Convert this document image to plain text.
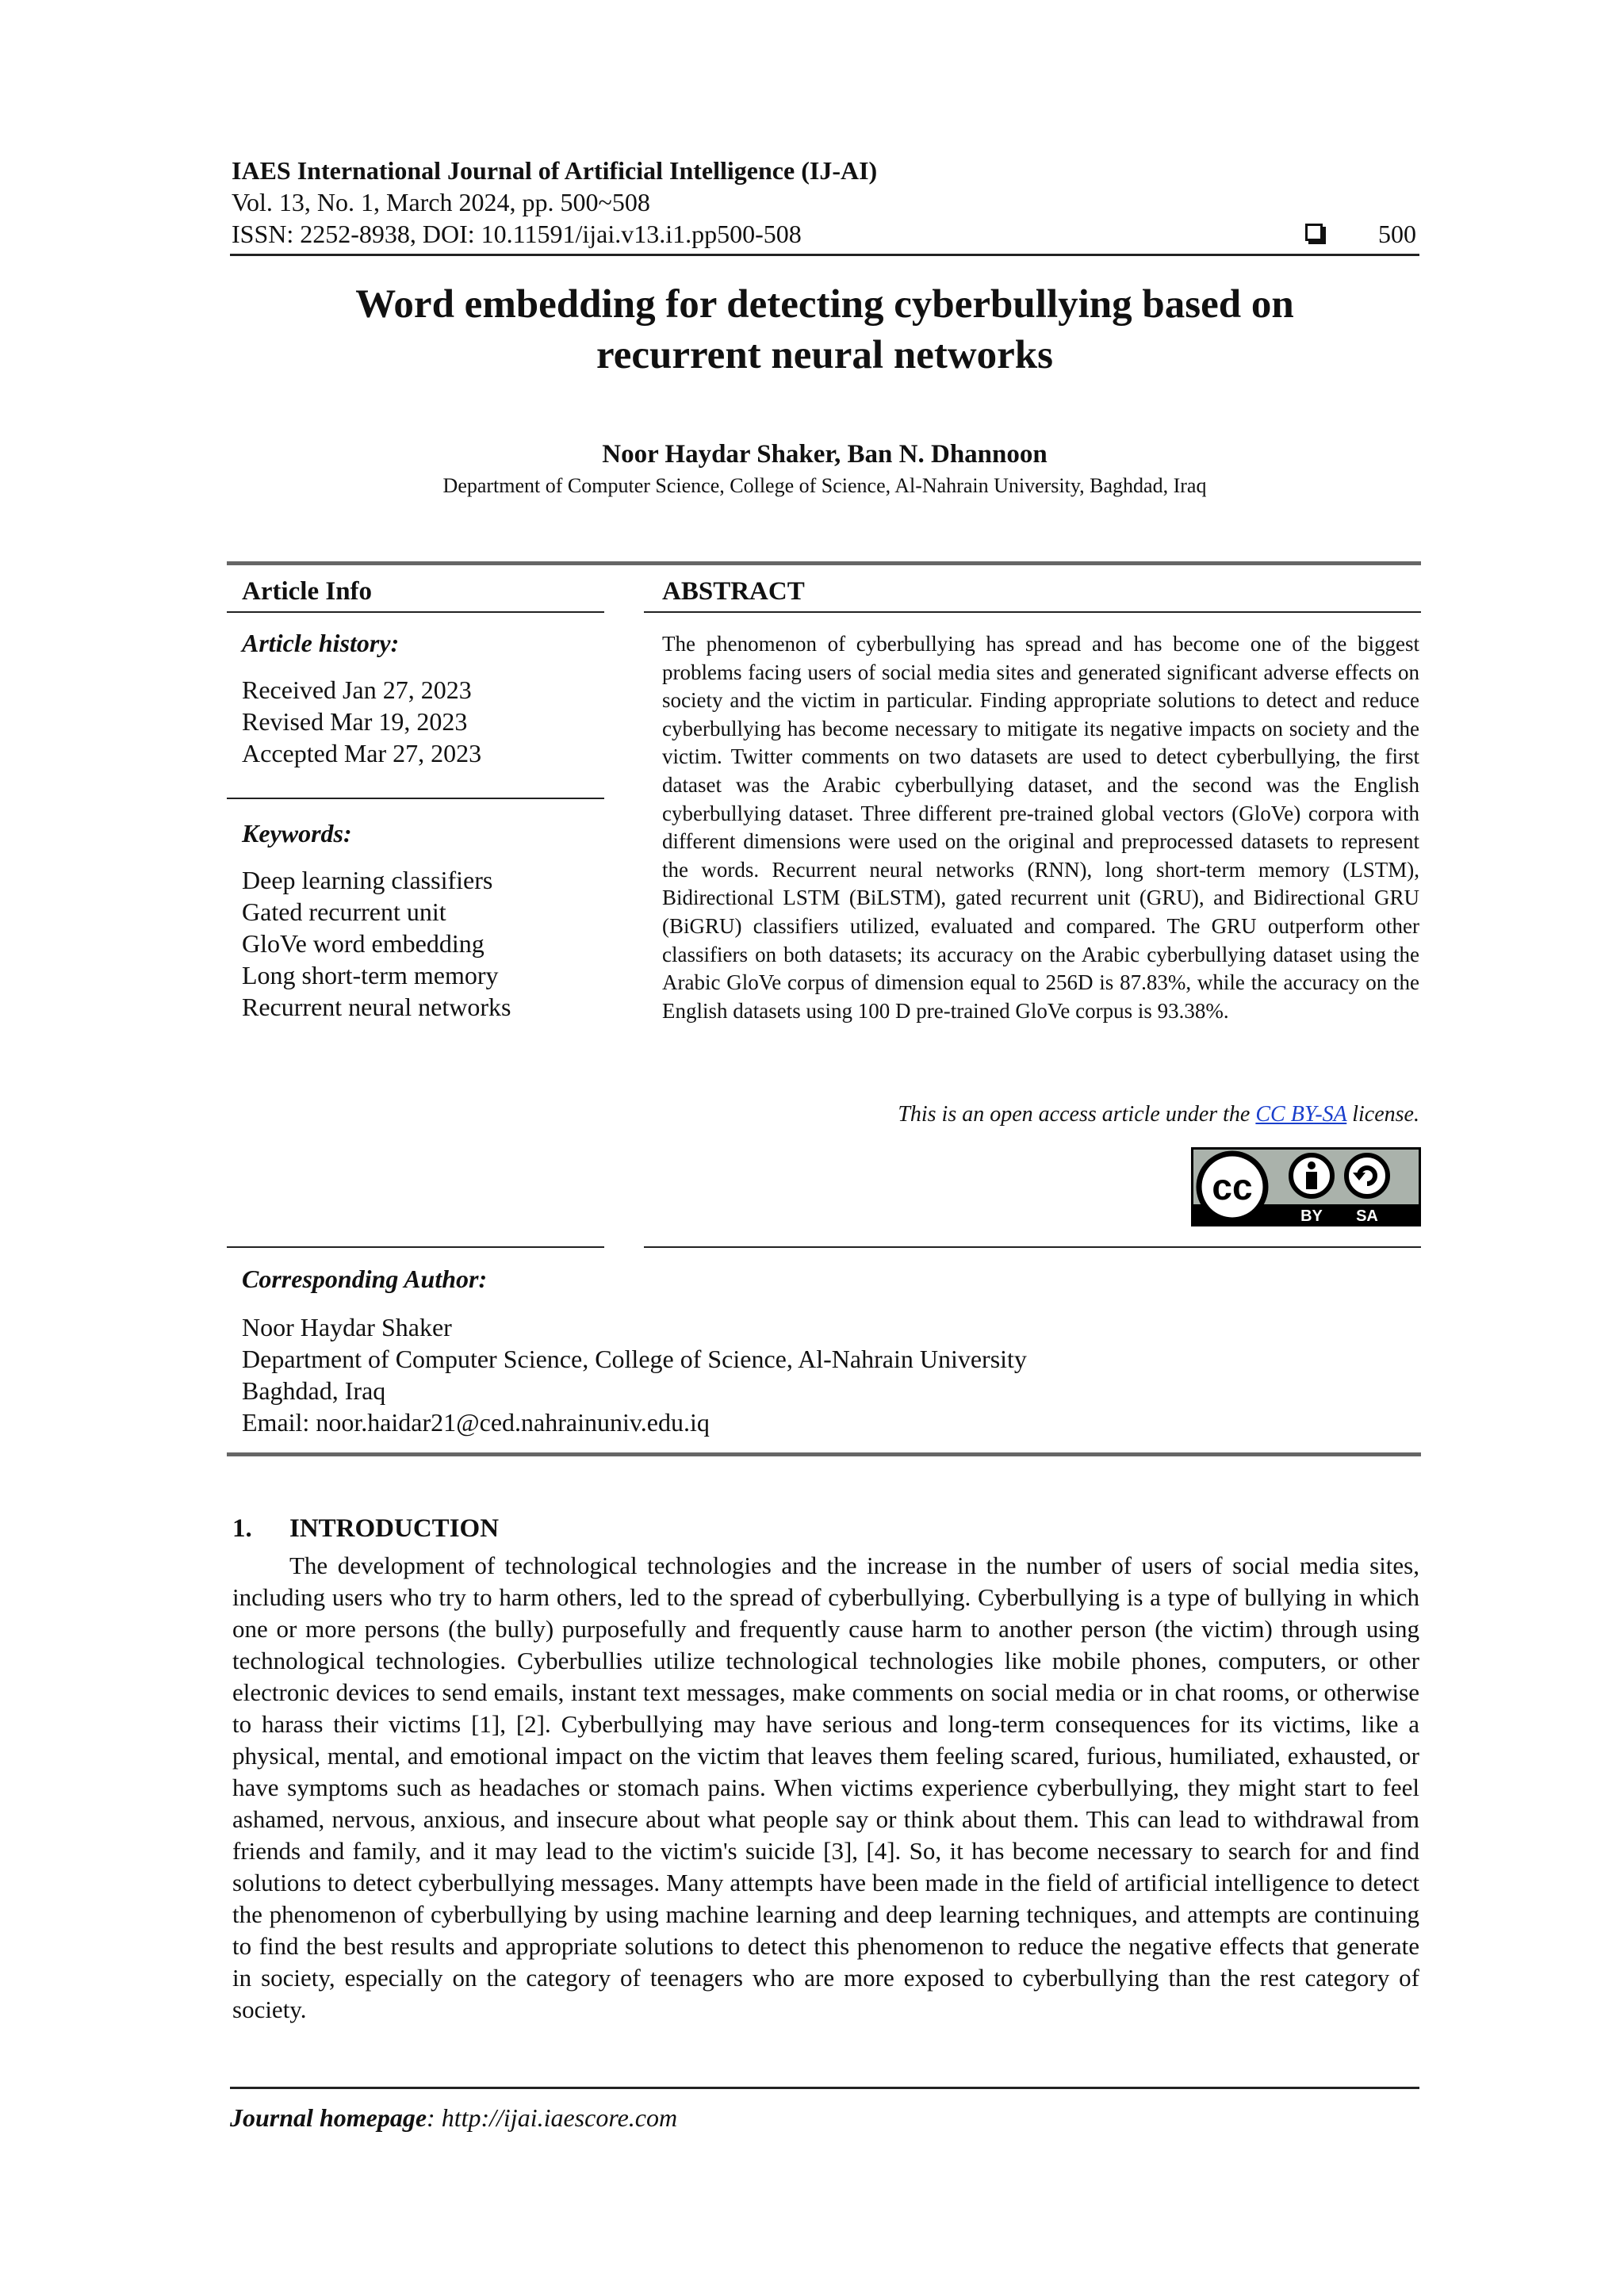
IAES International Journal of Artificial Intelligence (IJ-AI)
Vol. 13, No. 1, March 2024, pp. 500~508
ISSN: 2252-8938, DOI: 10.11591/ijai.v13.i1.pp500-508	500
Word embedding for detecting cyberbullying based on
recurrent neural networks
Noor Haydar Shaker, Ban N. Dhannoon
Department of Computer Science, College of Science, Al-Nahrain University, Baghdad, Iraq
Article Info
Article history:
Received Jan 27, 2023
Revised Mar 19, 2023
Accepted Mar 27, 2023
Keywords:
Deep learning classifiers
Gated recurrent unit
GloVe word embedding
Long short-term memory
Recurrent neural networks
ABSTRACT
The phenomenon of cyberbullying has spread and has become one of the biggest problems facing users of social media sites and generated significant adverse effects on society and the victim in particular. Finding appropriate solutions to detect and reduce cyberbullying has become necessary to mitigate its negative impacts on society and the victim. Twitter comments on two datasets are used to detect cyberbullying, the first dataset was the Arabic cyberbullying dataset, and the second was the English cyberbullying dataset. Three different pre-trained global vectors (GloVe) corpora with different dimensions were used on the original and preprocessed datasets to represent the words. Recurrent neural networks (RNN), long short-term memory (LSTM), Bidirectional LSTM (BiLSTM), gated recurrent unit (GRU), and Bidirectional GRU (BiGRU) classifiers utilized, evaluated and compared. The GRU outperform other classifiers on both datasets; its accuracy on the Arabic cyberbullying dataset using the Arabic GloVe corpus of dimension equal to 256D is 87.83%, while the accuracy on the English datasets using 100 D pre-trained GloVe corpus is 93.38%.
This is an open access article under the CC BY-SA license.
cc
BY SA
Corresponding Author:
Noor Haydar Shaker
Department of Computer Science, College of Science, Al-Nahrain University
Baghdad, Iraq
Email: noor.haidar21@ced.nahrainuniv.edu.iq
1. INTRODUCTION
The development of technological technologies and the increase in the number of users of social media sites, including users who try to harm others, led to the spread of cyberbullying. Cyberbullying is a type of bullying in which one or more persons (the bully) purposefully and frequently cause harm to another person (the victim) through using technological technologies. Cyberbullies utilize technological technologies like mobile phones, computers, or other electronic devices to send emails, instant text messages, make comments on social media or in chat rooms, or otherwise to harass their victims [1], [2]. Cyberbullying may have serious and long-term consequences for its victims, like a physical, mental, and emotional impact on the victim that leaves them feeling scared, furious, humiliated, exhausted, or have symptoms such as headaches or stomach pains. When victims experience cyberbullying, they might start to feel ashamed, nervous, anxious, and insecure about what people say or think about them. This can lead to withdrawal from friends and family, and it may lead to the victim's suicide [3], [4]. So, it has become necessary to search for and find solutions to detect cyberbullying messages. Many attempts have been made in the field of artificial intelligence to detect the phenomenon of cyberbullying by using machine learning and deep learning techniques, and attempts are continuing to find the best results and appropriate solutions to detect this phenomenon to reduce the negative effects that generate in society, especially on the category of teenagers who are more exposed to cyberbullying than the rest category of society.
Journal homepage: http://ijai.iaescore.com
